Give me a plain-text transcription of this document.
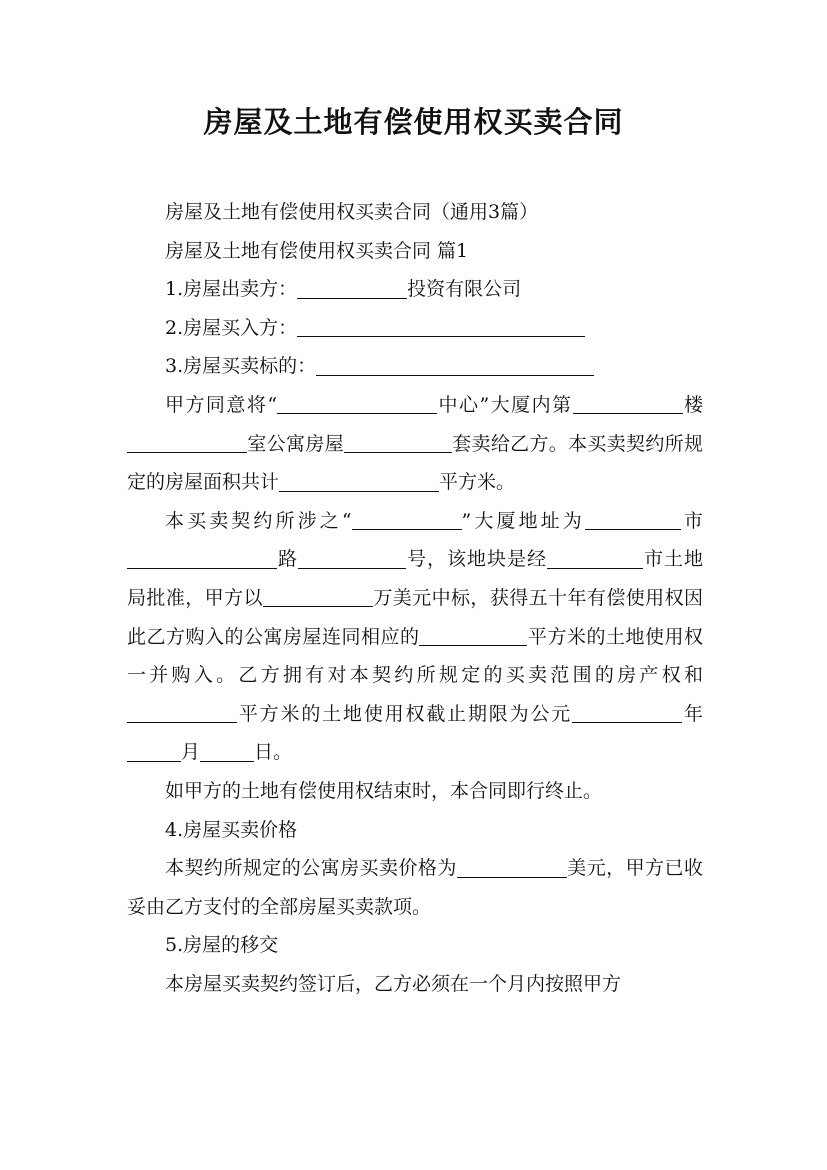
房屋及土地有偿使用权买卖合同

房屋及土地有偿使用权买卖合同（通用3篇）

房屋及土地有偿使用权买卖合同 篇1

1.房屋出卖方：	投资有限公司

2.房屋买入方：

3.房屋买卖标的：

甲方同意将“	中心”大厦内第	楼室公寓房屋	套卖给乙方。本买卖契约所规定的房屋面积共计	平方米。

本买卖契约所涉之“	”大厦地址为	市路	号，该地块是经	市土地局批准，甲方以	万美元中标，获得五十年有偿使用权因此乙方购入的公寓房屋连同相应的	平方米的土地使用权一并购入。乙方拥有对本契约所规定的买卖范围的房产权和平方米的土地使用权截止期限为公元	年月	日。

如甲方的土地有偿使用权结束时，本合同即行终止。

4.房屋买卖价格

本契约所规定的公寓房买卖价格为	美元，甲方已收妥由乙方支付的全部房屋买卖款项。

5.房屋的移交

本房屋买卖契约签订后，乙方必须在一个月内按照甲方
